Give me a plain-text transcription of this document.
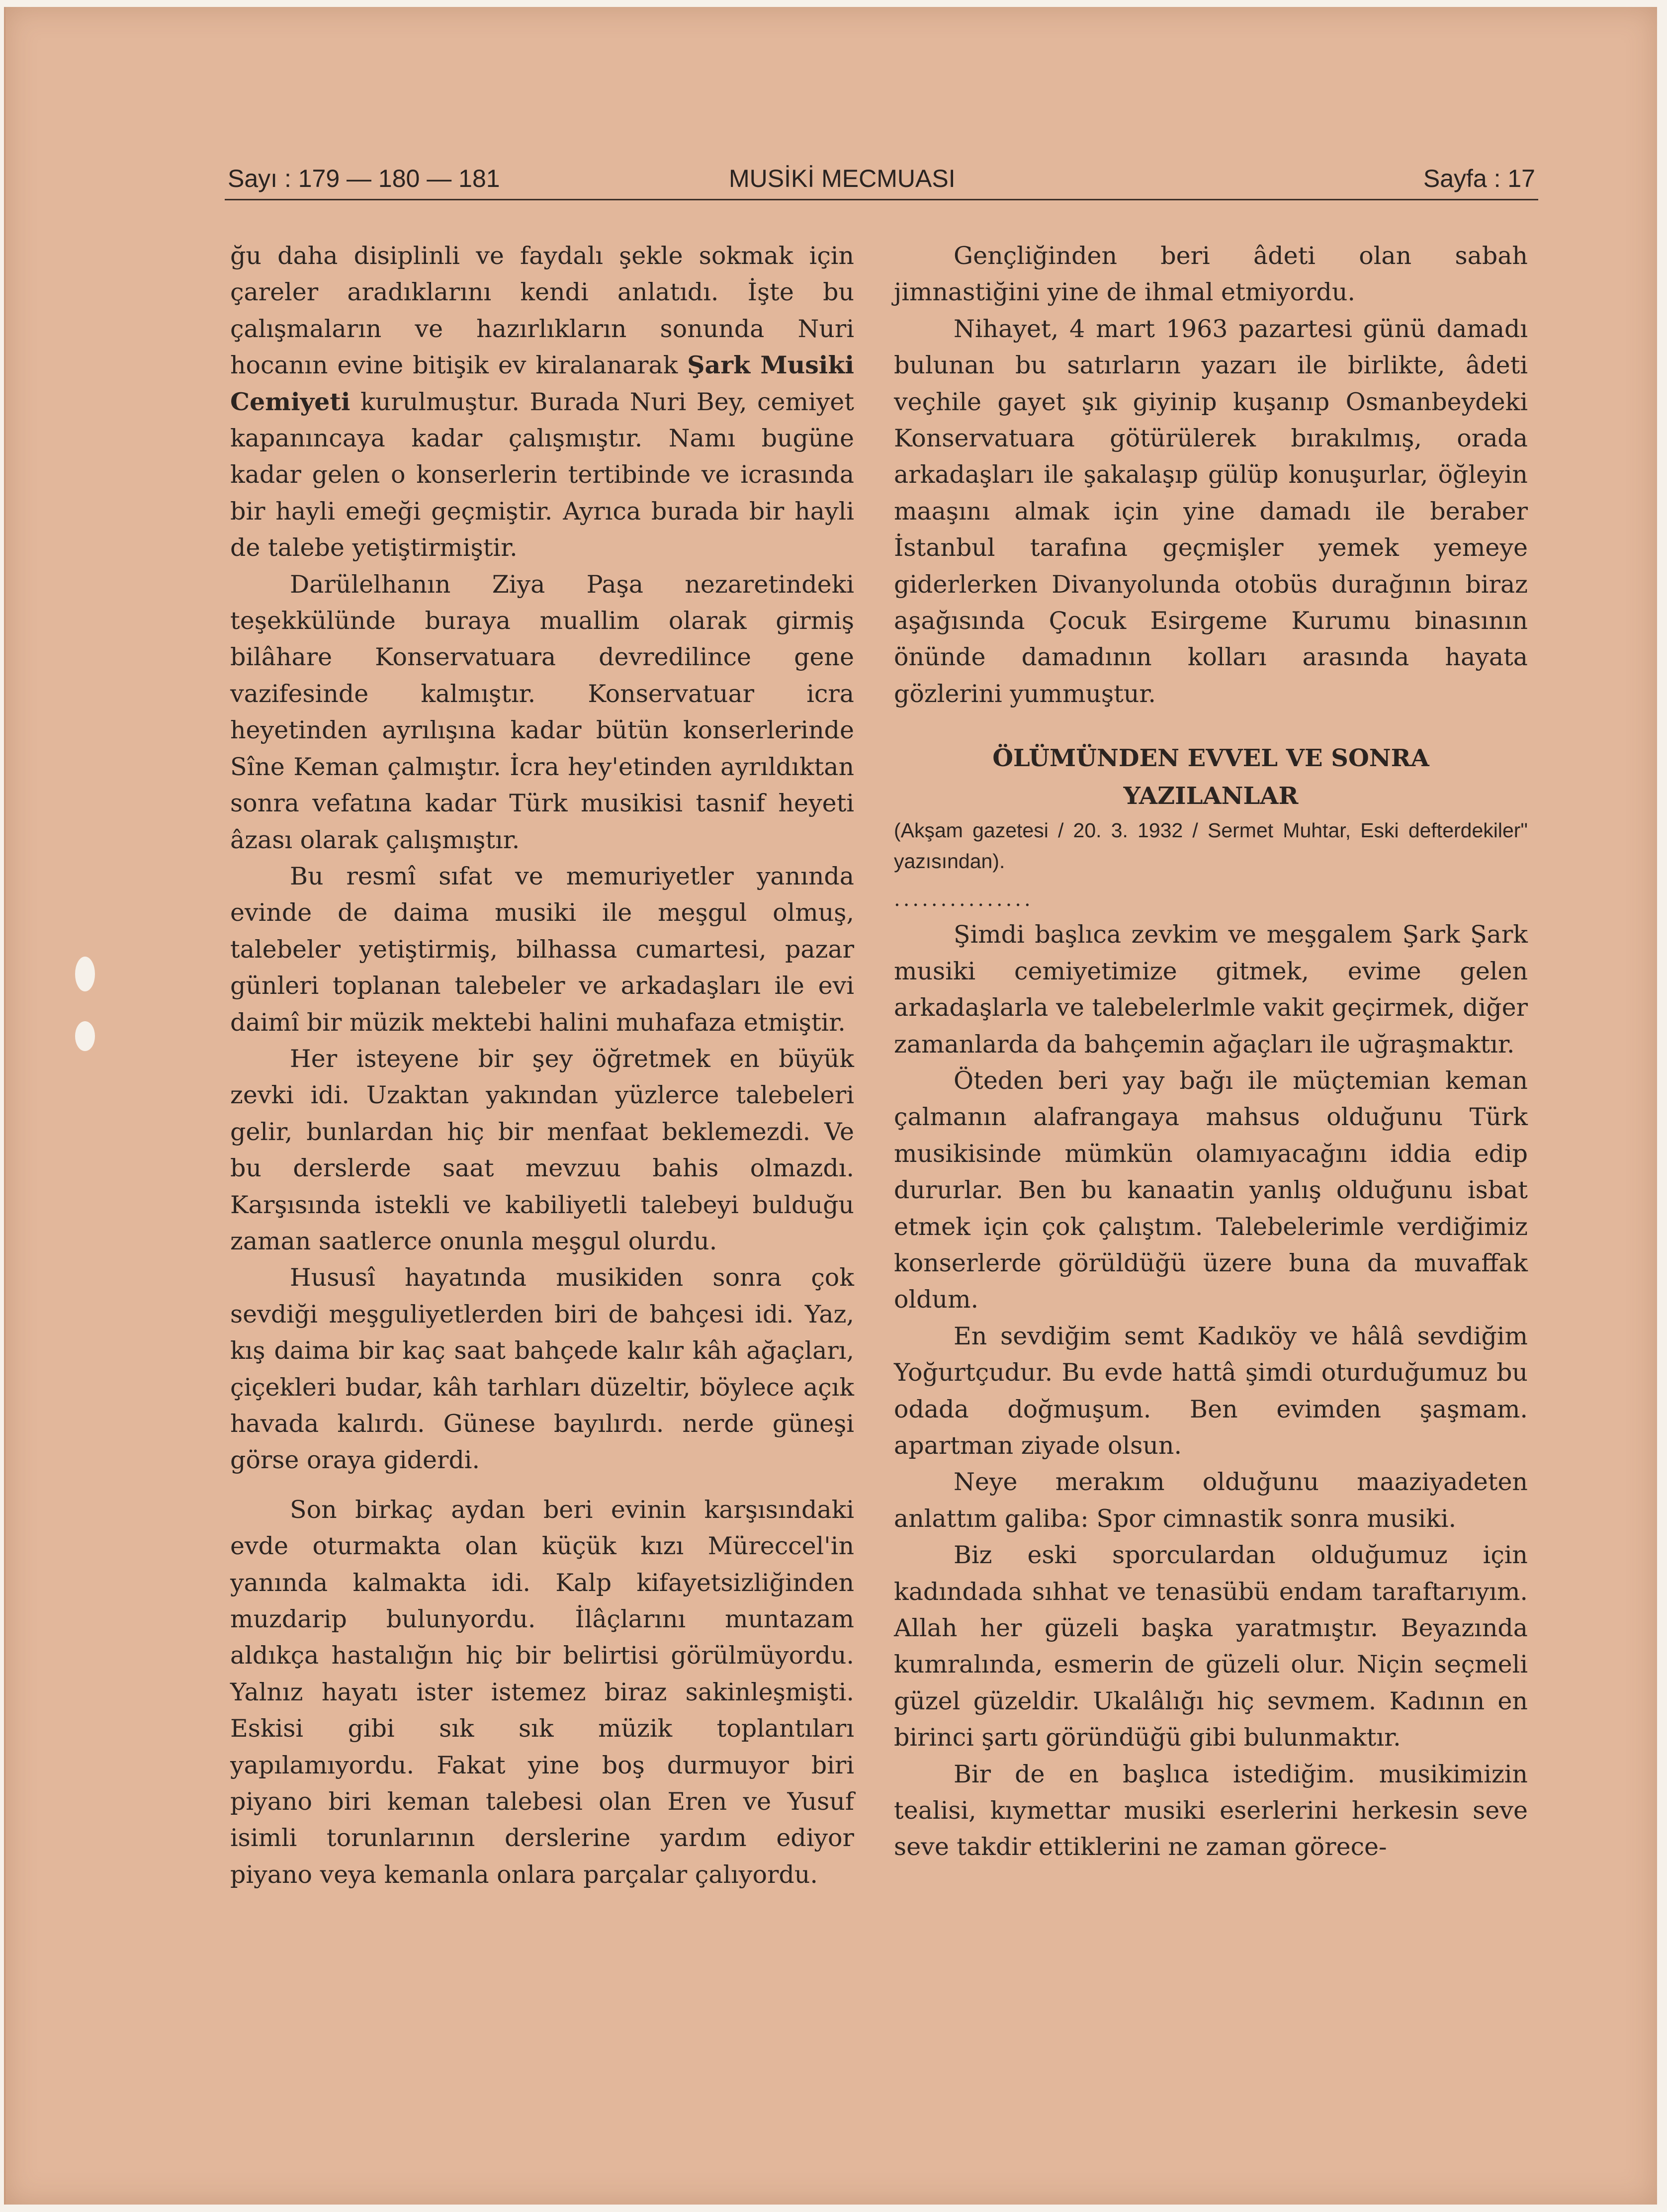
Sayı : 179 — 180 — 181	MUSİKİ MECMUASI	Sayfa : 17

ğu daha disiplinli ve faydalı şekle sokmak için çareler aradıklarını kendi anlatıdı. İşte bu çalışmaların ve hazırlıkların sonunda Nuri hocanın evine bitişik ev kiralanarak Şark Musiki Cemiyeti kurulmuştur. Burada Nuri Bey, cemiyet kapanıncaya kadar çalışmıştır. Namı bugüne kadar gelen o konserlerin tertibinde ve icrasında bir hayli emeği geçmiştir. Ayrıca burada bir hayli de talebe yetiştirmiştir.

Darülelhanın Ziya Paşa nezaretindeki teşekkülünde buraya muallim olarak girmiş bilâhare Konservatuara devredilince gene vazifesinde kalmıştır. Konservatuar icra heyetinden ayrılışına kadar bütün konserlerinde Sîne Keman çalmıştır. İcra hey'etinden ayrıldıktan sonra vefatına kadar Türk musikisi tasnif heyeti âzası olarak çalışmıştır.

Bu resmî sıfat ve memuriyetler yanında evinde de daima musiki ile meşgul olmuş, talebeler yetiştirmiş, bilhassa cumartesi, pazar günleri toplanan talebeler ve arkadaşları ile evi daimî bir müzik mektebi halini muhafaza etmiştir.

Her isteyene bir şey öğretmek en büyük zevki idi. Uzaktan yakından yüzlerce talebeleri gelir, bunlardan hiç bir menfaat beklemezdi. Ve bu derslerde saat mevzuu bahis olmazdı. Karşısında istekli ve kabiliyetli talebeyi bulduğu zaman saatlerce onunla meşgul olurdu.

Hususî hayatında musikiden sonra çok sevdiği meşguliyetlerden biri de bahçesi idi. Yaz, kış daima bir kaç saat bahçede kalır kâh ağaçları, çiçekleri budar, kâh tarhları düzeltir, böylece açık havada kalırdı. Günese bayılırdı. nerde güneşi görse oraya giderdi.

Son birkaç aydan beri evinin karşısındaki evde oturmakta olan küçük kızı Müreccel'in yanında kalmakta idi. Kalp kifayetsizliğinden muzdarip bulunyordu. İlâçlarını muntazam aldıkça hastalığın hiç bir belirtisi görülmüyordu. Yalnız hayatı ister istemez biraz sakinleşmişti. Eskisi gibi sık sık müzik toplantıları yapılamıyordu. Fakat yine boş durmuyor biri piyano biri keman talebesi olan Eren ve Yusuf isimli torunlarının derslerine yardım ediyor piyano veya kemanla onlara parçalar çalıyordu.

Gençliğinden beri âdeti olan sabah jimnastiğini yine de ihmal etmiyordu.

Nihayet, 4 mart 1963 pazartesi günü damadı bulunan bu satırların yazarı ile birlikte, âdeti veçhile gayet şık giyinip kuşanıp Osmanbeydeki Konservatuara götürülerek bırakılmış, orada arkadaşları ile şakalaşıp gülüp konuşurlar, öğleyin maaşını almak için yine damadı ile beraber İstanbul tarafına geçmişler yemek yemeye giderlerken Divanyolunda otobüs durağının biraz aşağısında Çocuk Esirgeme Kurumu binasının önünde damadının kolları arasında hayata gözlerini yummuştur.

ÖLÜMÜNDEN EVVEL VE SONRA
YAZILANLAR

(Akşam gazetesi / 20. 3. 1932 / Sermet Muhtar, Eski defterdekiler" yazısından).

...............

Şimdi başlıca zevkim ve meşgalem Şark Şark musiki cemiyetimize gitmek, evime gelen arkadaşlarla ve talebelerlmle vakit geçirmek, diğer zamanlarda da bahçemin ağaçları ile uğraşmaktır.

Öteden beri yay bağı ile müçtemian keman çalmanın alafrangaya mahsus olduğunu Türk musikisinde mümkün olamıyacağını iddia edip dururlar. Ben bu kanaatin yanlış olduğunu isbat etmek için çok çalıştım. Talebelerimle verdiğimiz konserlerde görüldüğü üzere buna da muvaffak oldum.

En sevdiğim semt Kadıköy ve hâlâ sevdiğim Yoğurtçudur. Bu evde hattâ şimdi oturduğumuz bu odada doğmuşum. Ben evimden şaşmam. apartman ziyade olsun.

Neye merakım olduğunu maaziyadeten anlattım galiba: Spor cimnastik sonra musiki.

Biz eski sporculardan olduğumuz için kadındada sıhhat ve tenasübü endam taraftarıyım. Allah her güzeli başka yaratmıştır. Beyazında kumralında, esmerin de güzeli olur. Niçin seçmeli güzel güzeldir. Ukalâlığı hiç sevmem. Kadının en birinci şartı göründüğü gibi bulunmaktır.

Bir de en başlıca istediğim. musikimizin tealisi, kıymettar musiki eserlerini herkesin seve seve takdir ettiklerini ne zaman görece-
